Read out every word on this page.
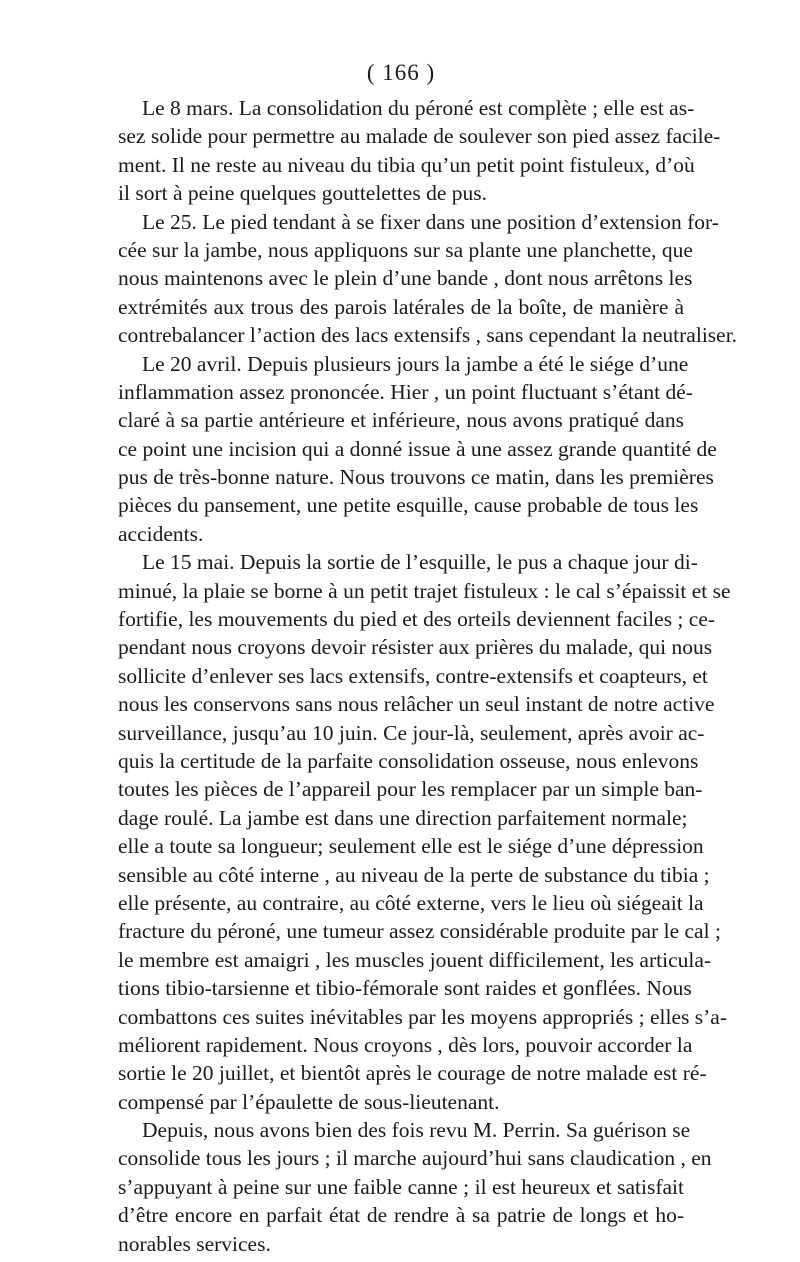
( 166 )
Le 8 mars. La consolidation du péroné est complète ; elle est as-
sez solide pour permettre au malade de soulever son pied assez facile-
ment. Il ne reste au niveau du tibia qu’un petit point fistuleux, d’où
il sort à peine quelques gouttelettes de pus.
Le 25. Le pied tendant à se fixer dans une position d’extension for-
cée sur la jambe, nous appliquons sur sa plante une planchette, que
nous maintenons avec le plein d’une bande , dont nous arrêtons les
extrémités aux trous des parois latérales de la boîte, de manière à
contrebalancer l’action des lacs extensifs , sans cependant la neutraliser.
Le 20 avril. Depuis plusieurs jours la jambe a été le siége d’une
inflammation assez prononcée. Hier , un point fluctuant s’étant dé-
claré à sa partie antérieure et inférieure, nous avons pratiqué dans
ce point une incision qui a donné issue à une assez grande quantité de
pus de très-bonne nature. Nous trouvons ce matin, dans les premières
pièces du pansement, une petite esquille, cause probable de tous les
accidents.
Le 15 mai. Depuis la sortie de l’esquille, le pus a chaque jour di-
minué, la plaie se borne à un petit trajet fistuleux : le cal s’épaissit et se
fortifie, les mouvements du pied et des orteils deviennent faciles ; ce-
pendant nous croyons devoir résister aux prières du malade, qui nous
sollicite d’enlever ses lacs extensifs, contre-extensifs et coapteurs, et
nous les conservons sans nous relâcher un seul instant de notre active
surveillance, jusqu’au 10 juin. Ce jour-là, seulement, après avoir ac-
quis la certitude de la parfaite consolidation osseuse, nous enlevons
toutes les pièces de l’appareil pour les remplacer par un simple ban-
dage roulé. La jambe est dans une direction parfaitement normale;
elle a toute sa longueur; seulement elle est le siége d’une dépression
sensible au côté interne , au niveau de la perte de substance du tibia ;
elle présente, au contraire, au côté externe, vers le lieu où siégeait la
fracture du péroné, une tumeur assez considérable produite par le cal ;
le membre est amaigri , les muscles jouent difficilement, les articula-
tions tibio-tarsienne et tibio-fémorale sont raides et gonflées. Nous
combattons ces suites inévitables par les moyens appropriés ; elles s’a-
méliorent rapidement. Nous croyons , dès lors, pouvoir accorder la
sortie le 20 juillet, et bientôt après le courage de notre malade est ré-
compensé par l’épaulette de sous-lieutenant.
Depuis, nous avons bien des fois revu M. Perrin. Sa guérison se
consolide tous les jours ; il marche aujourd’hui sans claudication , en
s’appuyant à peine sur une faible canne ; il est heureux et satisfait
d’être encore en parfait état de rendre à sa patrie de longs et ho-
norables services.
